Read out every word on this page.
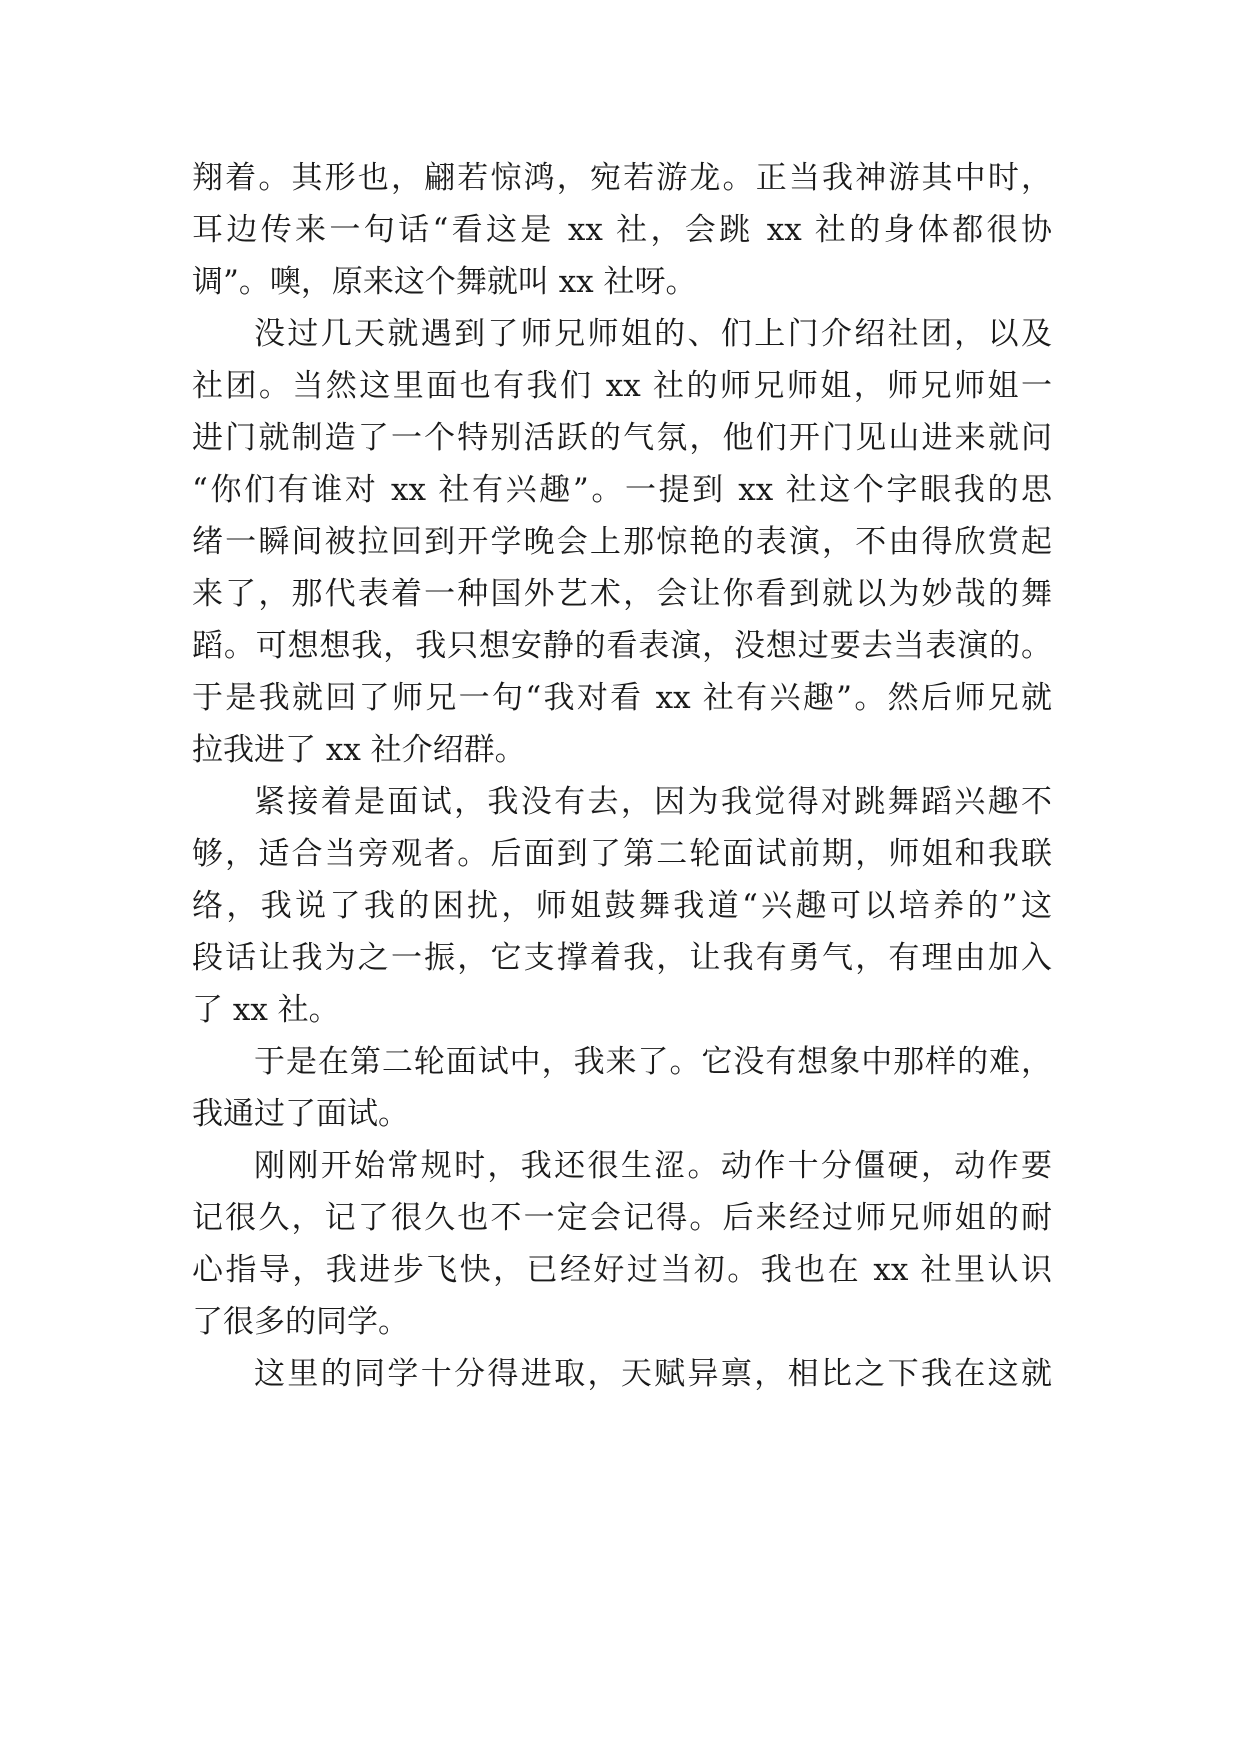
翔着。其形也，翩若惊鸿，宛若游龙。正当我神游其中时，
耳边传来一句话“看这是 xx 社，会跳 xx 社的身体都很协
调”。噢，原来这个舞就叫 xx 社呀。
没过几天就遇到了师兄师姐的、们上门介绍社团，以及
社团。当然这里面也有我们 xx 社的师兄师姐，师兄师姐一
进门就制造了一个特别活跃的气氛，他们开门见山进来就问
“你们有谁对 xx 社有兴趣”。一提到 xx 社这个字眼我的思
绪一瞬间被拉回到开学晚会上那惊艳的表演，不由得欣赏起
来了，那代表着一种国外艺术，会让你看到就以为妙哉的舞
蹈。可想想我，我只想安静的看表演，没想过要去当表演的。
于是我就回了师兄一句“我对看 xx 社有兴趣”。然后师兄就
拉我进了 xx 社介绍群。
紧接着是面试，我没有去，因为我觉得对跳舞蹈兴趣不
够，适合当旁观者。后面到了第二轮面试前期，师姐和我联
络，我说了我的困扰，师姐鼓舞我道“兴趣可以培养的”这
段话让我为之一振，它支撑着我，让我有勇气，有理由加入
了 xx 社。
于是在第二轮面试中，我来了。它没有想象中那样的难，
我通过了面试。
刚刚开始常规时，我还很生涩。动作十分僵硬，动作要
记很久，记了很久也不一定会记得。后来经过师兄师姐的耐
心指导，我进步飞快，已经好过当初。我也在 xx 社里认识
了很多的同学。
这里的同学十分得进取，天赋异禀，相比之下我在这就
